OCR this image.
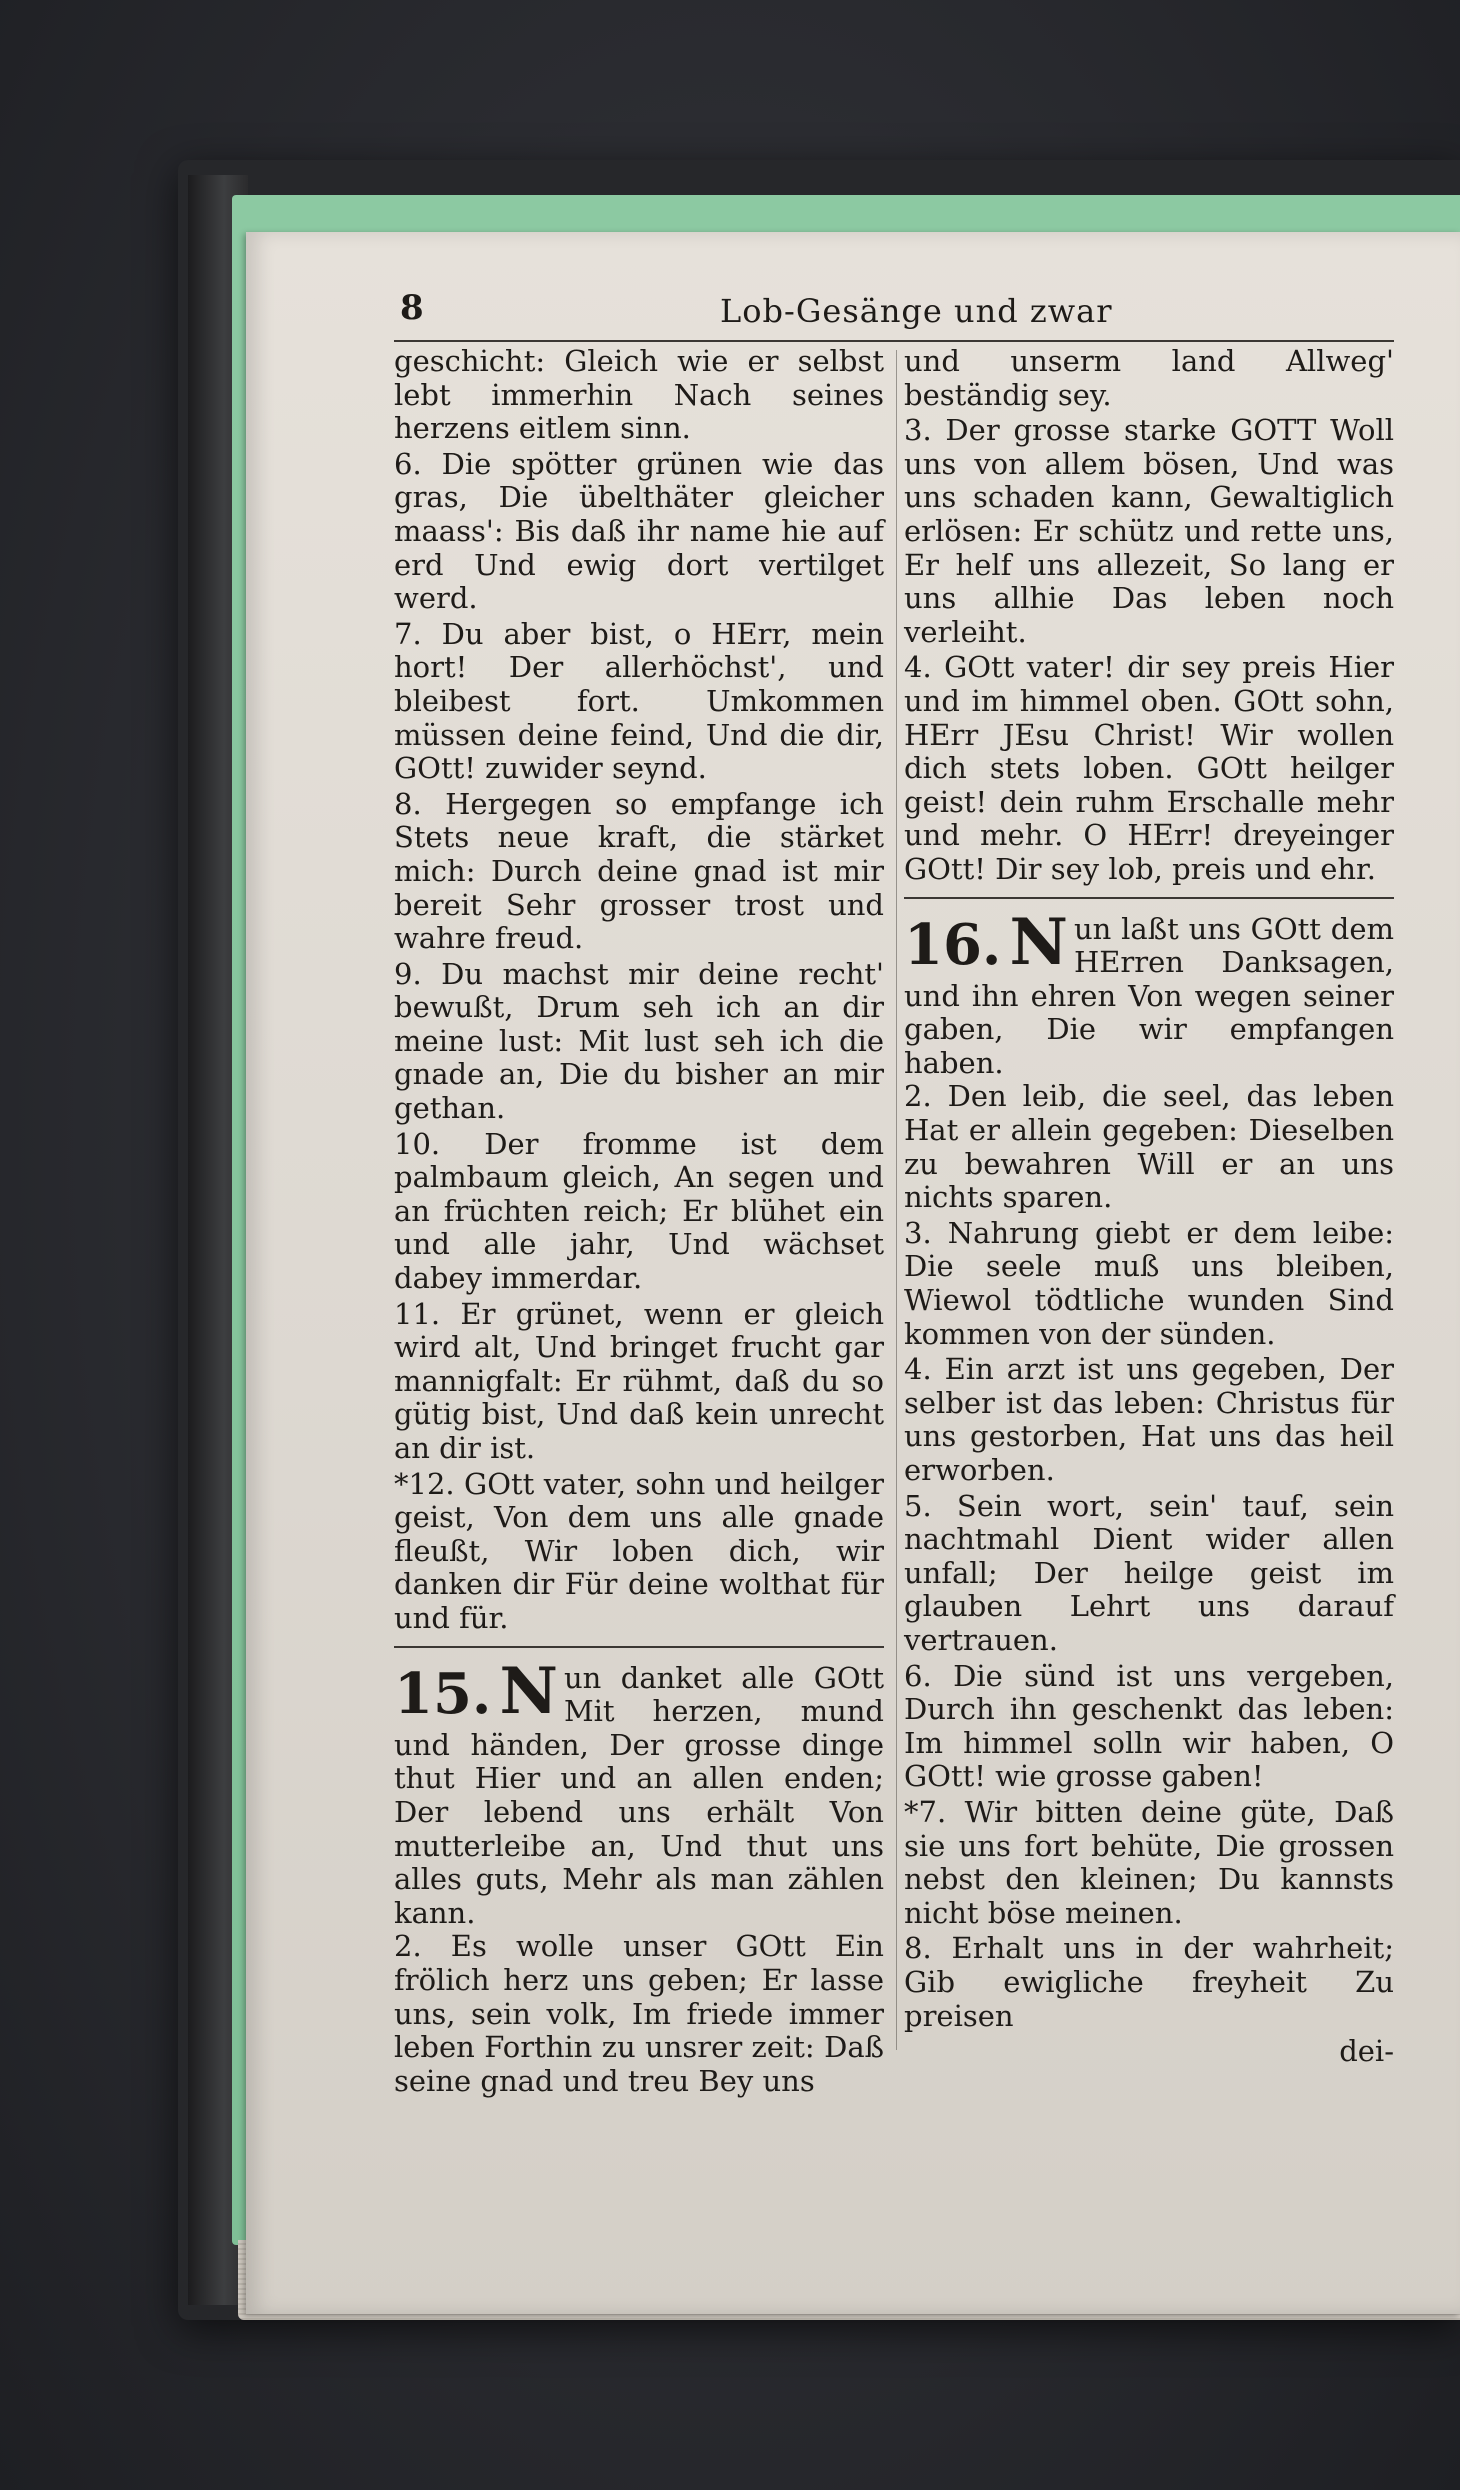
8	Lob-Gesänge und zwar

geschicht: Gleich wie er selbst lebt immerhin Nach seines herzens eitlem sinn.

6. Die spötter grünen wie das gras, Die übelthäter gleicher maass': Bis daß ihr name hie auf erd Und ewig dort vertilget werd.

7. Du aber bist, o HErr, mein hort! Der allerhöchst', und bleibest fort. Umkommen müssen deine feind, Und die dir, GOtt! zuwider seynd.

8. Hergegen so empfange ich Stets neue kraft, die stärket mich: Durch deine gnad ist mir bereit Sehr grosser trost und wahre freud.

9. Du machst mir deine recht' bewußt, Drum seh ich an dir meine lust: Mit lust seh ich die gnade an, Die du bisher an mir gethan.

10. Der fromme ist dem palmbaum gleich, An segen und an früchten reich; Er blühet ein und alle jahr, Und wächset dabey immerdar.

11. Er grünet, wenn er gleich wird alt, Und bringet frucht gar mannigfalt: Er rühmt, daß du so gütig bist, Und daß kein unrecht an dir ist.

*12. GOtt vater, sohn und heilger geist, Von dem uns alle gnade fleußt, Wir loben dich, wir danken dir Für deine wolthat für und für.

15. N un danket alle GOtt Mit herzen, mund und händen, Der grosse dinge thut Hier und an allen enden; Der lebend uns erhält Von mutterleibe an, Und thut uns alles guts, Mehr als man zählen kann.

2. Es wolle unser GOtt Ein frölich herz uns geben; Er lasse uns, sein volk, Im friede immer leben Forthin zu unsrer zeit: Daß seine gnad und treu Bey uns

und unserm land Allweg' beständig sey.

3. Der grosse starke GOTT Woll uns von allem bösen, Und was uns schaden kann, Gewaltiglich erlösen: Er schütz und rette uns, Er helf uns allezeit, So lang er uns allhie Das leben noch verleiht.

4. GOtt vater! dir sey preis Hier und im himmel oben. GOtt sohn, HErr JEsu Christ! Wir wollen dich stets loben. GOtt heilger geist! dein ruhm Erschalle mehr und mehr. O HErr! dreyeinger GOtt! Dir sey lob, preis und ehr.

16. N un laßt uns GOtt dem HErren Danksagen, und ihn ehren Von wegen seiner gaben, Die wir empfangen haben.

2. Den leib, die seel, das leben Hat er allein gegeben: Dieselben zu bewahren Will er an uns nichts sparen.

3. Nahrung giebt er dem leibe: Die seele muß uns bleiben, Wiewol tödtliche wunden Sind kommen von der sünden.

4. Ein arzt ist uns gegeben, Der selber ist das leben: Christus für uns gestorben, Hat uns das heil erworben.

5. Sein wort, sein' tauf, sein nachtmahl Dient wider allen unfall; Der heilge geist im glauben Lehrt uns darauf vertrauen.

6. Die sünd ist uns vergeben, Durch ihn geschenkt das leben: Im himmel solln wir haben, O GOtt! wie grosse gaben!

*7. Wir bitten deine güte, Daß sie uns fort behüte, Die grossen nebst den kleinen; Du kannsts nicht böse meinen.

8. Erhalt uns in der wahrheit; Gib ewigliche freyheit Zu preisen

dei-
